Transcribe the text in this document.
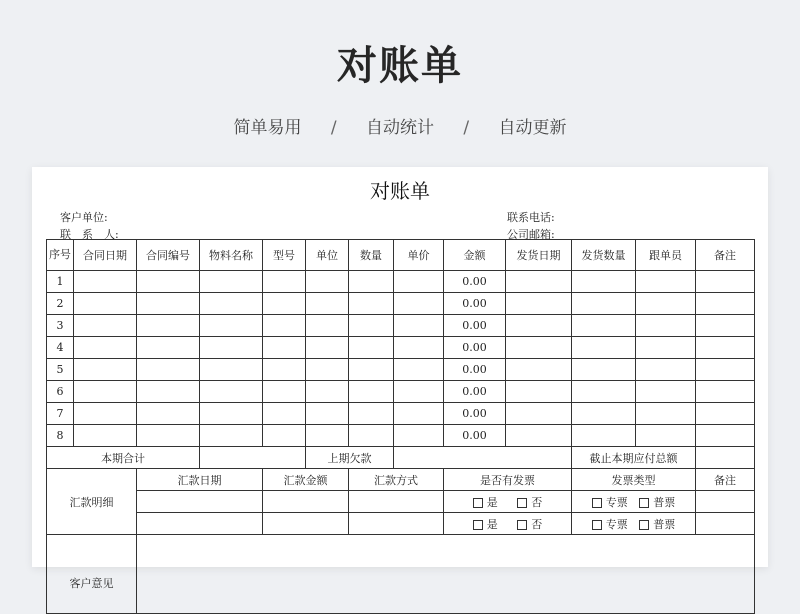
对账单
简单易用 / 自动统计 / 自动更新
对账单
客户单位:
联　系　人:
联系电话:
公司邮箱:
序号	合同日期	合同编号	物料名称	型号	单位	数量	单价	金额	发货日期	发货数量	跟单员	备注
1								0.00				
2								0.00				
3								0.00				
4								0.00				
5								0.00				
6								0.00				
7								0.00				
8								0.00				
本期合计					上期欠款					截止本期应付总额		
汇款明细		汇款日期		汇款金额		汇款方式		是否有发票		发票类型		备注
								是 否		专票 普票		
								是 否		专票 普票		
客户意见												
